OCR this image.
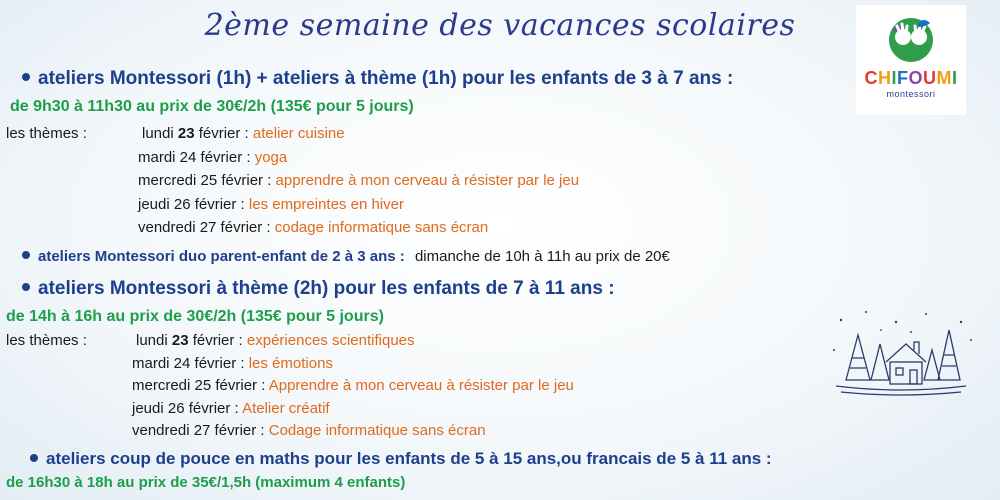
2ème semaine des vacances scolaires
CHIFOUMI
montessori
ateliers Montessori (1h) + ateliers à thème (1h) pour les enfants de 3 à 7 ans :
de 9h30 à 11h30 au prix de 30€/2h (135€ pour 5 jours)
les thèmes :	lundi 23 février : atelier cuisine
mardi 24 février : yoga
mercredi 25 février : apprendre à mon cerveau à résister par le jeu
jeudi 26 février : les empreintes en hiver
vendredi 27 février : codage informatique sans écran
ateliers Montessori duo parent-enfant de 2 à 3 ans : dimanche de 10h à 11h au prix de 20€
ateliers Montessori à thème (2h) pour les enfants de 7 à 11 ans :
de 14h à 16h au prix de 30€/2h (135€ pour 5 jours)
les thèmes :	lundi 23 février : expériences scientifiques
mardi 24 février : les émotions
mercredi 25 février : Apprendre à mon cerveau à résister par le jeu
jeudi 26 février : Atelier créatif
vendredi 27 février : Codage informatique sans écran
ateliers coup de pouce en maths pour les enfants de 5 à 15 ans,ou francais de 5 à 11 ans :
de 16h30 à 18h au prix de 35€/1,5h (maximum 4 enfants)
